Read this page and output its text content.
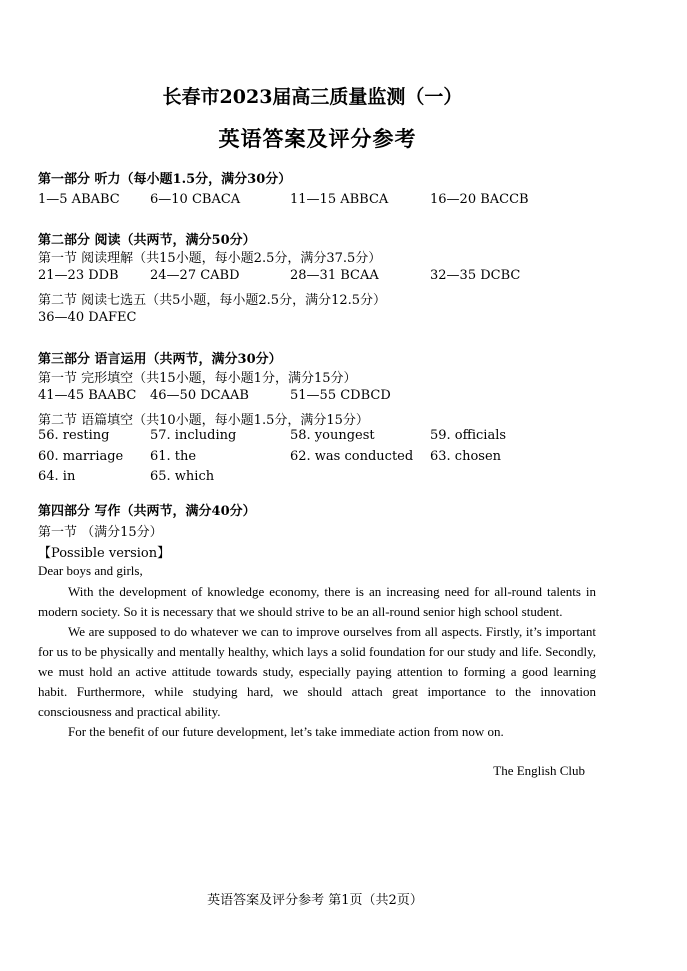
长春市2023届高三质量监测（一）
英语答案及评分参考
第一部分 听力（每小题1.5分，满分30分）
1—5 ABABC 6—10 CBACA	11—15 ABBCA	16—20 BACCB
第二部分 阅读（共两节，满分50分）
第一节 阅读理解（共15小题，每小题2.5分，满分37.5分）
21—23 DDB 24—27 CABD	28—31 BCAA	32—35 DCBC
第二节 阅读七选五（共5小题，每小题2.5分，满分12.5分）
36—40 DAFEC
第三部分 语言运用（共两节，满分30分）
第一节 完形填空（共15小题，每小题1分，满分15分）
41—45 BAABC 46—50 DCAAB	51—55 CDBCD
第二节 语篇填空（共10小题，每小题1.5分，满分15分）
56. resting	57. including	58. youngest	59. officials
60. marriage 61. the	62. was conducted 63. chosen
64. in	65. which
第四部分 写作（共两节，满分40分）
第一节 （满分15分）
【Possible version】
Dear boys and girls,

With the development of knowledge economy, there is an increasing need for all-round talents in modern society. So it is necessary that we should strive to be an all-round senior high school student.

We are supposed to do whatever we can to improve ourselves from all aspects. Firstly, it’s important for us to be physically and mentally healthy, which lays a solid foundation for our study and life. Secondly, we must hold an active attitude towards study, especially paying attention to forming a good learning habit. Furthermore, while studying hard, we should attach great importance to the innovation consciousness and practical ability.

For the benefit of our future development, let’s take immediate action from now on.

The English Club
英语答案及评分参考 第1页（共2页）
